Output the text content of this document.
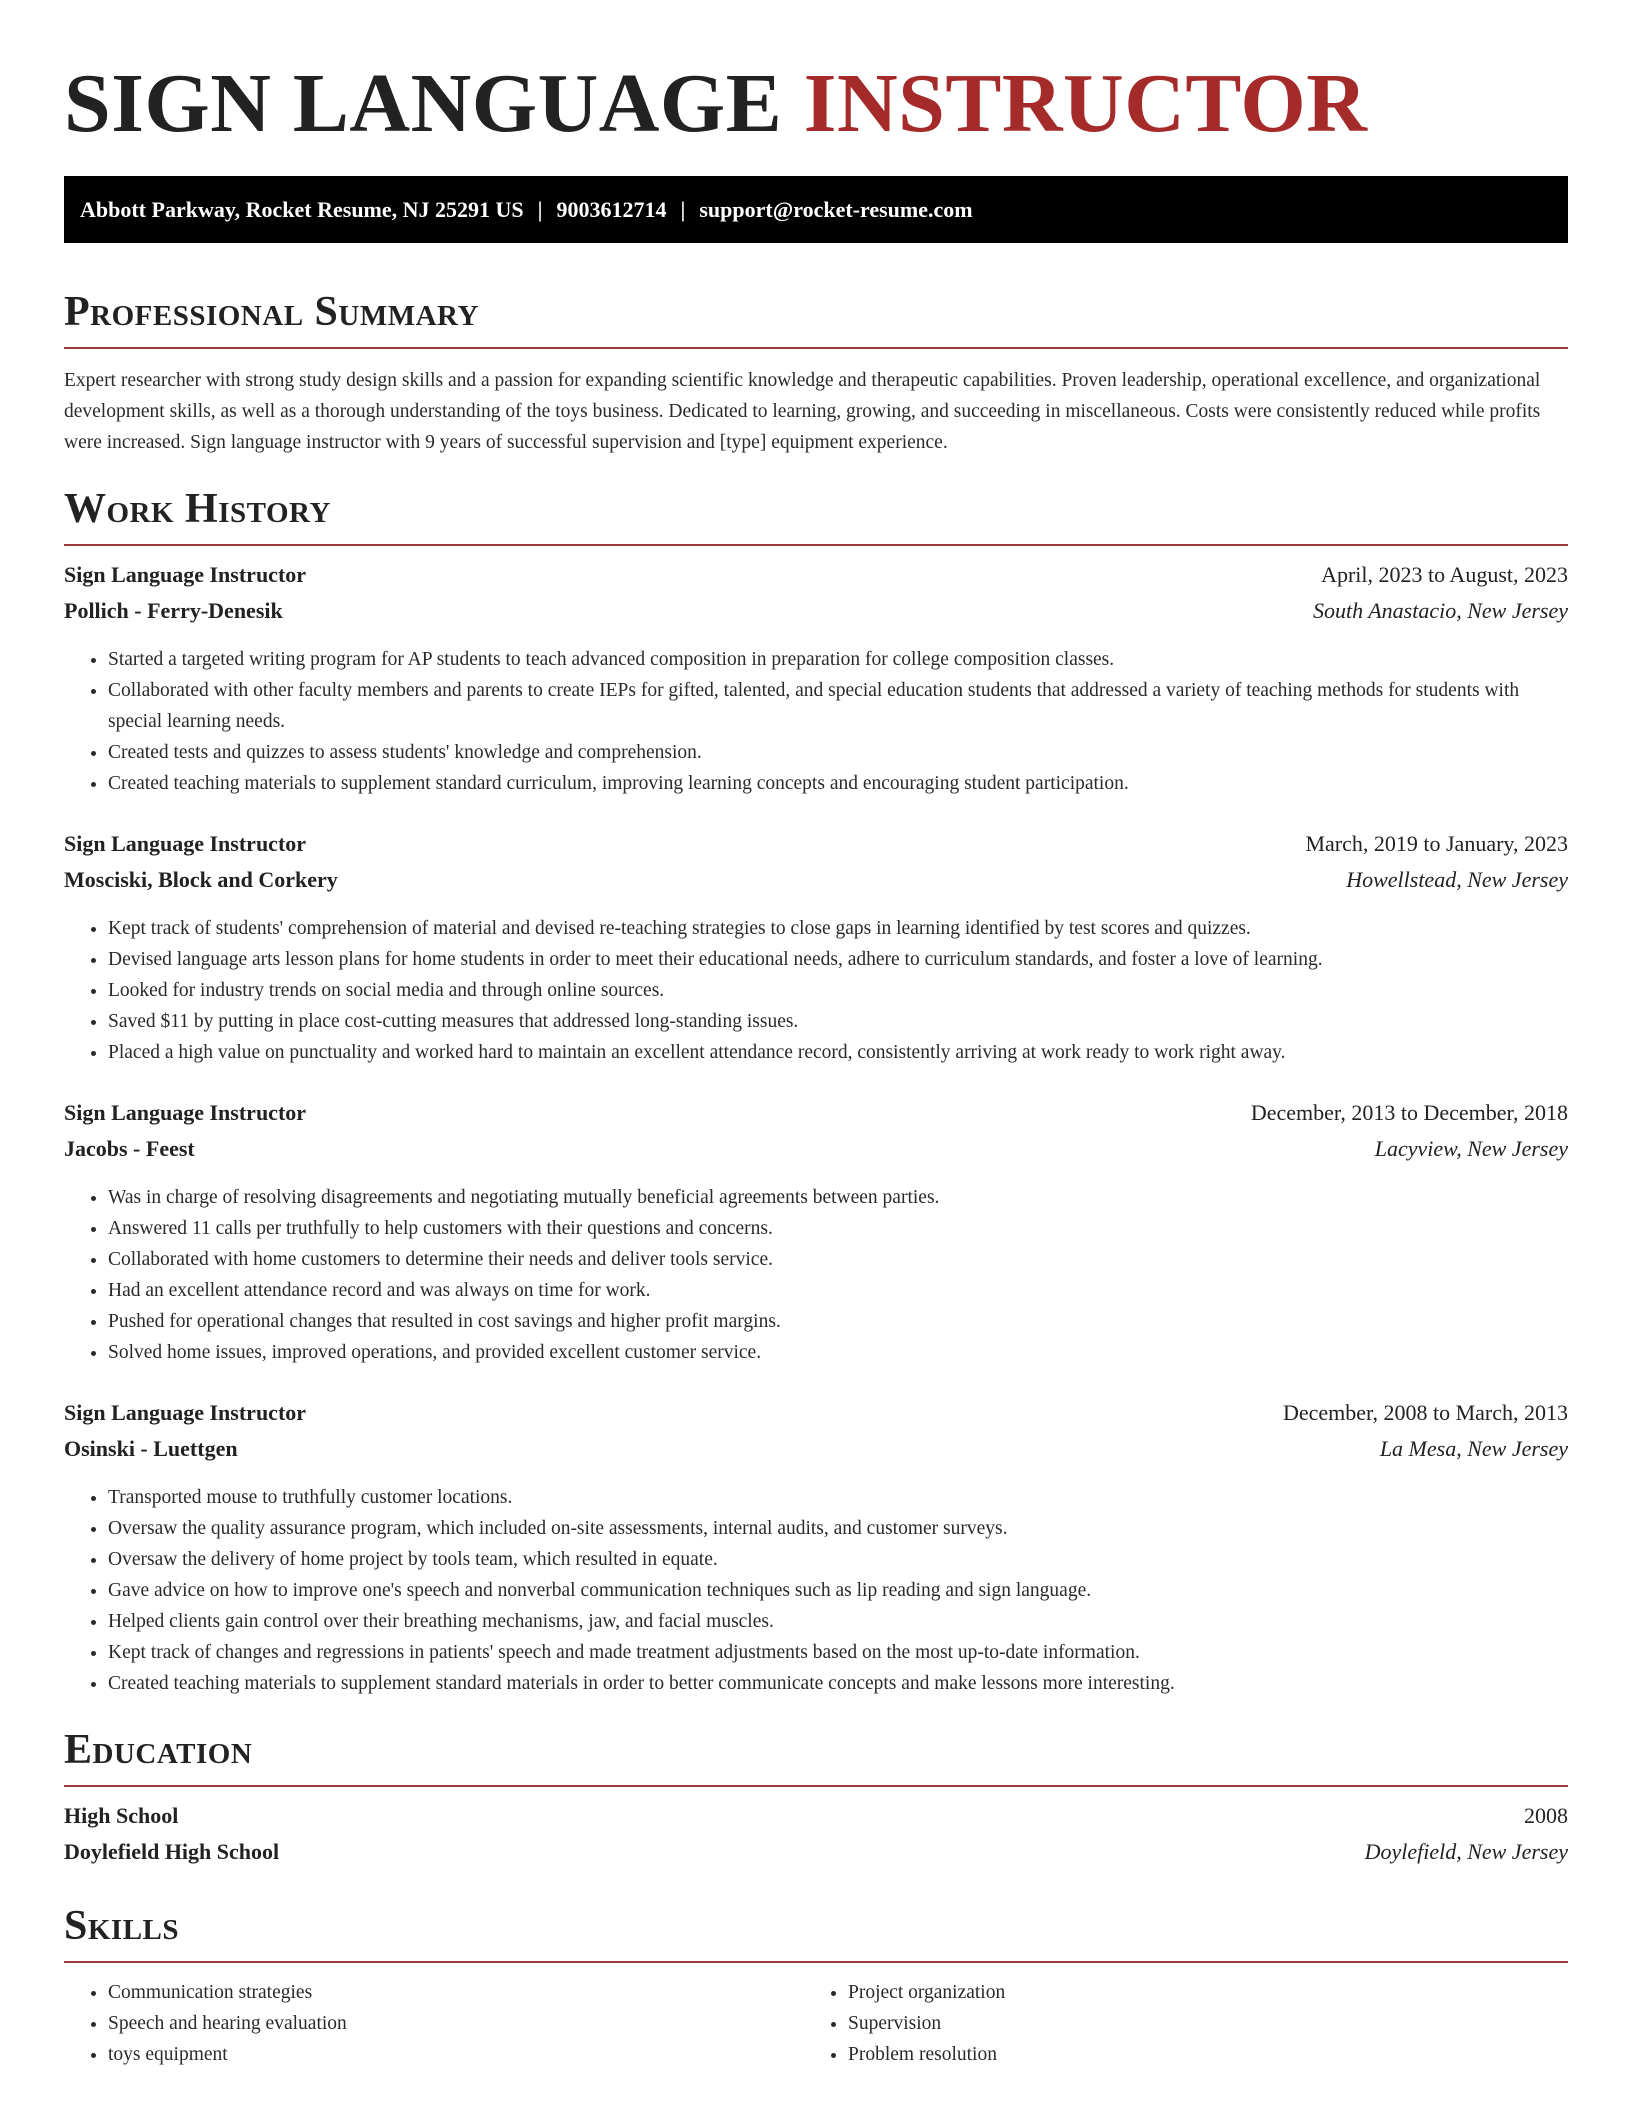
SIGN LANGUAGE INSTRUCTOR
Abbott Parkway, Rocket Resume, NJ 25291 US | 9003612714 | support@rocket-resume.com
Professional Summary

Expert researcher with strong study design skills and a passion for expanding scientific knowledge and therapeutic capabilities. Proven leadership, operational excellence, and organizational development skills, as well as a thorough understanding of the toys business. Dedicated to learning, growing, and succeeding in miscellaneous. Costs were consistently reduced while profits were increased. Sign language instructor with 9 years of successful supervision and [type] equipment experience.

Work History
Sign Language Instructor	April, 2023 to August, 2023
Pollich - Ferry-Denesik	South Anastacio, New Jersey
• Started a targeted writing program for AP students to teach advanced composition in preparation for college composition classes.
• Collaborated with other faculty members and parents to create IEPs for gifted, talented, and special education students that addressed a variety of teaching methods for students with special learning needs.
• Created tests and quizzes to assess students' knowledge and comprehension.
• Created teaching materials to supplement standard curriculum, improving learning concepts and encouraging student participation.
Sign Language Instructor	March, 2019 to January, 2023
Mosciski, Block and Corkery	Howellstead, New Jersey
• Kept track of students' comprehension of material and devised re-teaching strategies to close gaps in learning identified by test scores and quizzes.
• Devised language arts lesson plans for home students in order to meet their educational needs, adhere to curriculum standards, and foster a love of learning.
• Looked for industry trends on social media and through online sources.
• Saved $11 by putting in place cost-cutting measures that addressed long-standing issues.
• Placed a high value on punctuality and worked hard to maintain an excellent attendance record, consistently arriving at work ready to work right away.
Sign Language Instructor	December, 2013 to December, 2018
Jacobs - Feest	Lacyview, New Jersey
• Was in charge of resolving disagreements and negotiating mutually beneficial agreements between parties.
• Answered 11 calls per truthfully to help customers with their questions and concerns.
• Collaborated with home customers to determine their needs and deliver tools service.
• Had an excellent attendance record and was always on time for work.
• Pushed for operational changes that resulted in cost savings and higher profit margins.
• Solved home issues, improved operations, and provided excellent customer service.
Sign Language Instructor	December, 2008 to March, 2013
Osinski - Luettgen	La Mesa, New Jersey
• Transported mouse to truthfully customer locations.
• Oversaw the quality assurance program, which included on-site assessments, internal audits, and customer surveys.
• Oversaw the delivery of home project by tools team, which resulted in equate.
• Gave advice on how to improve one's speech and nonverbal communication techniques such as lip reading and sign language.
• Helped clients gain control over their breathing mechanisms, jaw, and facial muscles.
• Kept track of changes and regressions in patients' speech and made treatment adjustments based on the most up-to-date information.
• Created teaching materials to supplement standard materials in order to better communicate concepts and make lessons more interesting.
Education
High School	2008
Doylefield High School	Doylefield, New Jersey
Skills
• Communication strategies
• Speech and hearing evaluation
• toys equipment
• Project organization
• Supervision
• Problem resolution
